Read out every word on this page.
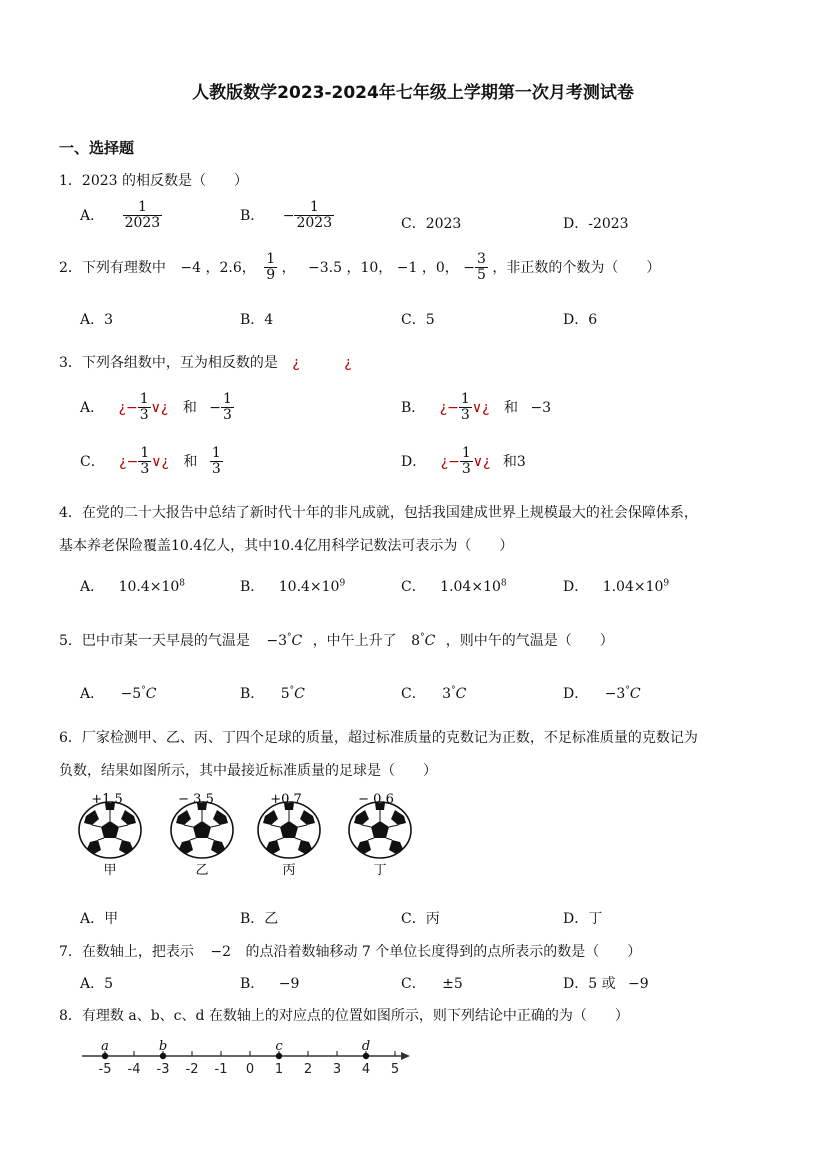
人教版数学2023-2024年七年级上学期第一次月考测试卷
一、选择题
1．2023 的相反数是（　　）
A． $\frac{1}{2023}$	B． − $\frac{1}{2023}$	C．2023	D．-2023
2．下列有理数中 −4 ，2.6， $\frac{1}{9}$ ， −3.5 ，10， −1 ，0， − $\frac{3}{5}$ ，非正数的个数为（　　）
A．3	B．4	C．5	D．6
3．下列各组数中，互为相反数的是 ¿	¿
A． ¿− $\frac{1}{3}$ ∨¿ 和 − $\frac{1}{3}$	B． ¿− $\frac{1}{3}$ ∨¿ 和 −3
C． ¿− $\frac{1}{3}$ ∨¿ 和 $\frac{1}{3}$	D． ¿− $\frac{1}{3}$ ∨¿ 和3
4．在党的二十大报告中总结了新时代十年的非凡成就，包括我国建成世界上规模最大的社会保障体系，
基本养老保险覆盖10.4亿人，其中10.4亿用科学记数法可表示为（　　）
A． $10.4\times 10^8$	B． $10.4\times 10^9$	C． $1.04\times 10^8$	D． $1.04\times 10^9$
5．巴中市某一天早晨的气温是 −3°C ，中午上升了 8°C ，则中午的气温是（　　）
A． −5°C	B． 5°C	C． 3°C	D． −3°C
6．厂家检测甲、乙、丙、丁四个足球的质量，超过标准质量的克数记为正数，不足标准质量的克数记为
负数，结果如图所示，其中最接近标准质量的足球是（　　）
+1.5	− 3.5	+0.7	− 0.6
甲	乙	丙	丁
A．甲	B．乙	C．丙	D．丁
7．在数轴上，把表示 −2 的点沿着数轴移动 7 个单位长度得到的点所表示的数是（　　）
A．5	B． −9	C． ±5	D．5 或 −9
8．有理数 a、b、c、d 在数轴上的对应点的位置如图所示，则下列结论中正确的为（　　）
-5 -4 -3 -2 -1 0 1 2 3 4 5
a	b	c	d
